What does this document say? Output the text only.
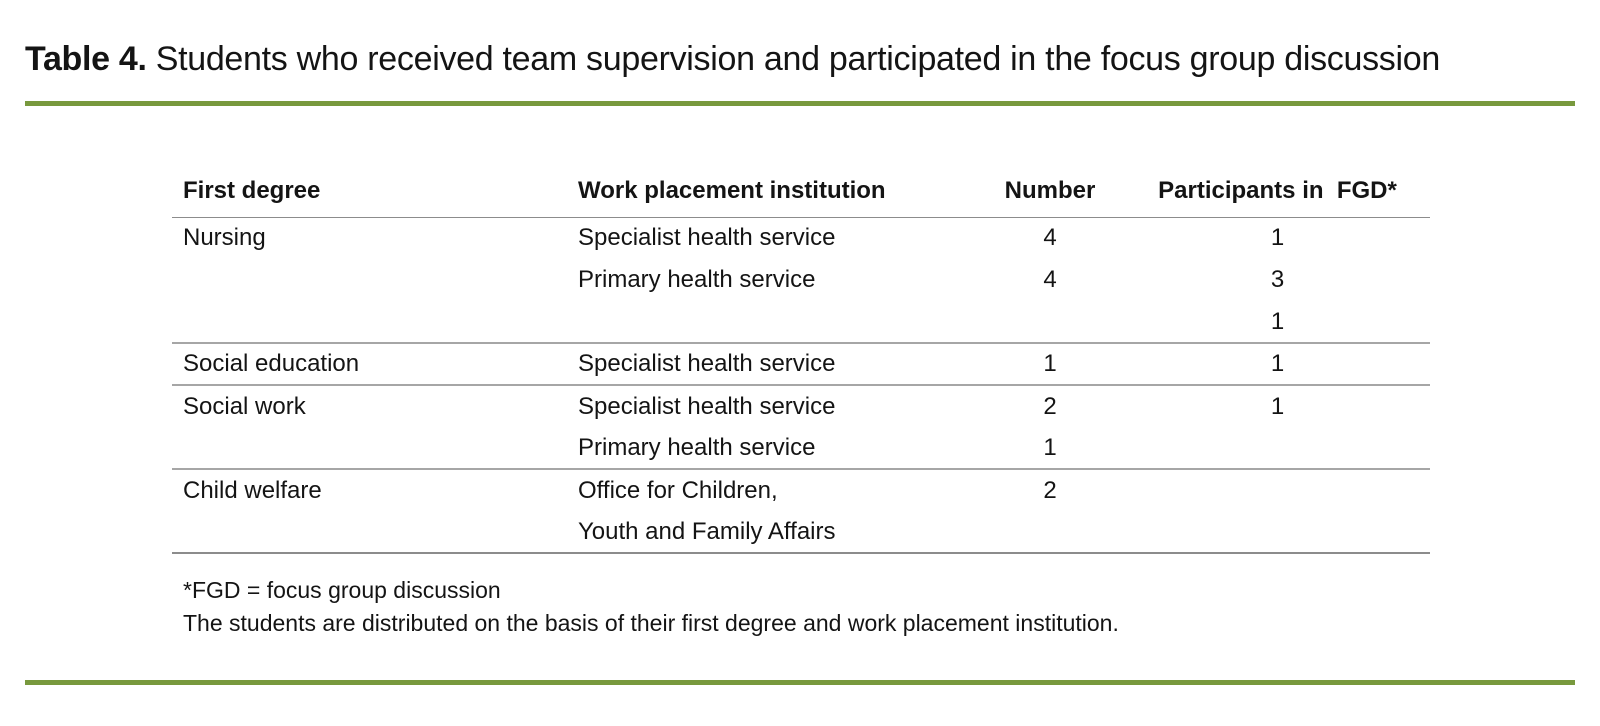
Table 4. Students who received team supervision and participated in the focus group discussion
First degree	Work placement institution	Number	Participants in  FGD*
Nursing	Specialist health service	4	1
	Primary health service	4	3
			1
Social education	Specialist health service	1	1
Social work	Specialist health service	2	1
	Primary health service	1	
Child welfare	Office for Children,	2	
	Youth and Family Affairs		
*FGD = focus group discussion
The students are distributed on the basis of their first degree and work placement institution.
